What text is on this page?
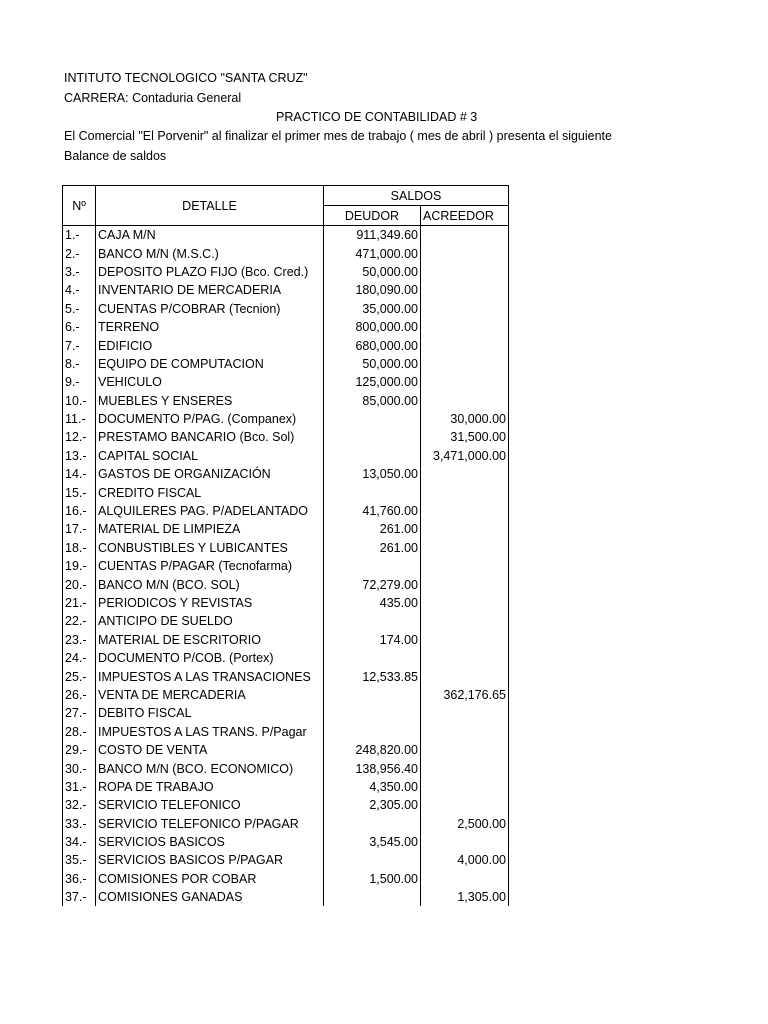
INTITUTO TECNOLOGICO "SANTA CRUZ"
CARRERA: Contaduria General
PRACTICO DE CONTABILIDAD # 3
El Comercial "El Porvenir" al finalizar el primer mes de trabajo ( mes de abril ) presenta el siguiente
Balance de saldos
Nº	DETALLE	SALDOS	
		DEUDOR	ACREEDOR
1.-	CAJA M/N	911,349.60	
2.-	BANCO M/N (M.S.C.)	471,000.00	
3.-	DEPOSITO PLAZO FIJO (Bco. Cred.)	50,000.00	
4.-	INVENTARIO DE MERCADERIA	180,090.00	
5.-	CUENTAS P/COBRAR (Tecnion)	35,000.00	
6.-	TERRENO	800,000.00	
7.-	EDIFICIO	680,000.00	
8.-	EQUIPO DE COMPUTACION	50,000.00	
9.-	VEHICULO	125,000.00	
10.-	MUEBLES Y ENSERES	85,000.00	
11.-	DOCUMENTO P/PAG. (Companex)		30,000.00
12.-	PRESTAMO BANCARIO (Bco. Sol)		31,500.00
13.-	CAPITAL SOCIAL		3,471,000.00
14.-	GASTOS DE ORGANIZACIÓN	13,050.00	
15.-	CREDITO FISCAL		
16.-	ALQUILERES PAG. P/ADELANTADO	41,760.00	
17.-	MATERIAL DE LIMPIEZA	261.00	
18.-	CONBUSTIBLES Y LUBICANTES	261.00	
19.-	CUENTAS P/PAGAR (Tecnofarma)		
20.-	BANCO M/N (BCO. SOL)	72,279.00	
21.-	PERIODICOS Y REVISTAS	435.00	
22.-	ANTICIPO DE SUELDO		
23.-	MATERIAL DE ESCRITORIO	174.00	
24.-	DOCUMENTO P/COB. (Portex)		
25.-	IMPUESTOS A LAS TRANSACIONES	12,533.85	
26.-	VENTA DE MERCADERIA		362,176.65
27.-	DEBITO FISCAL		
28.-	IMPUESTOS A LAS TRANS. P/Pagar		
29.-	COSTO DE VENTA	248,820.00	
30.-	BANCO M/N (BCO. ECONOMICO)	138,956.40	
31.-	ROPA DE TRABAJO	4,350.00	
32.-	SERVICIO TELEFONICO	2,305.00	
33.-	SERVICIO TELEFONICO P/PAGAR		2,500.00
34.-	SERVICIOS BASICOS	3,545.00	
35.-	SERVICIOS BASICOS P/PAGAR		4,000.00
36.-	COMISIONES POR COBAR	1,500.00	
37.-	COMISIONES GANADAS		1,305.00
